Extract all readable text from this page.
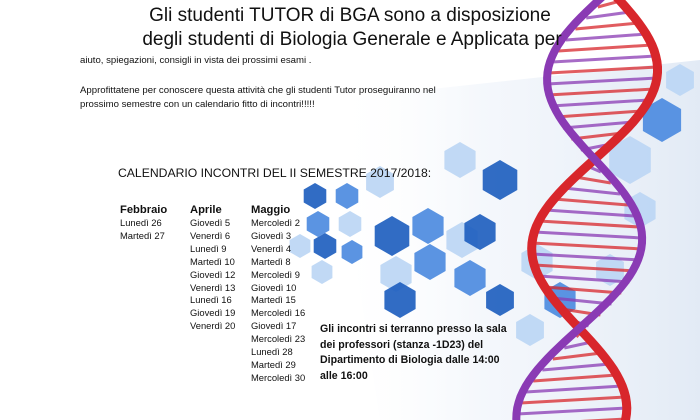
Gli studenti TUTOR di BGA sono a disposizione
degli studenti di Biologia Generale e Applicata per
aiuto, spiegazioni, consigli in vista dei prossimi esami .
Approfittatene per conoscere questa attività che gli studenti Tutor proseguiranno nel
prossimo semestre con un calendario fitto di incontri!!!!!
CALENDARIO INCONTRI DEL II SEMESTRE 2017/2018:
Febbraio
Lunedì 26
Martedì 27
Aprile
Giovedì 5
Venerdì 6
Lunedì 9
Martedì 10
Giovedì 12
Venerdì 13
Lunedì 16
Giovedì 19
Venerdì 20
Maggio
Mercoledì 2
Giovedì 3
Venerdì 4
Martedì 8
Mercoledì 9
Giovedì 10
Martedì 15
Mercoledì 16
Giovedì 17
Mercoledì 23
Lunedì 28
Martedì 29
Mercoledì 30
Gli incontri si terranno presso la sala
dei professori (stanza -1D23) del
Dipartimento di Biologia dalle 14:00
alle 16:00
